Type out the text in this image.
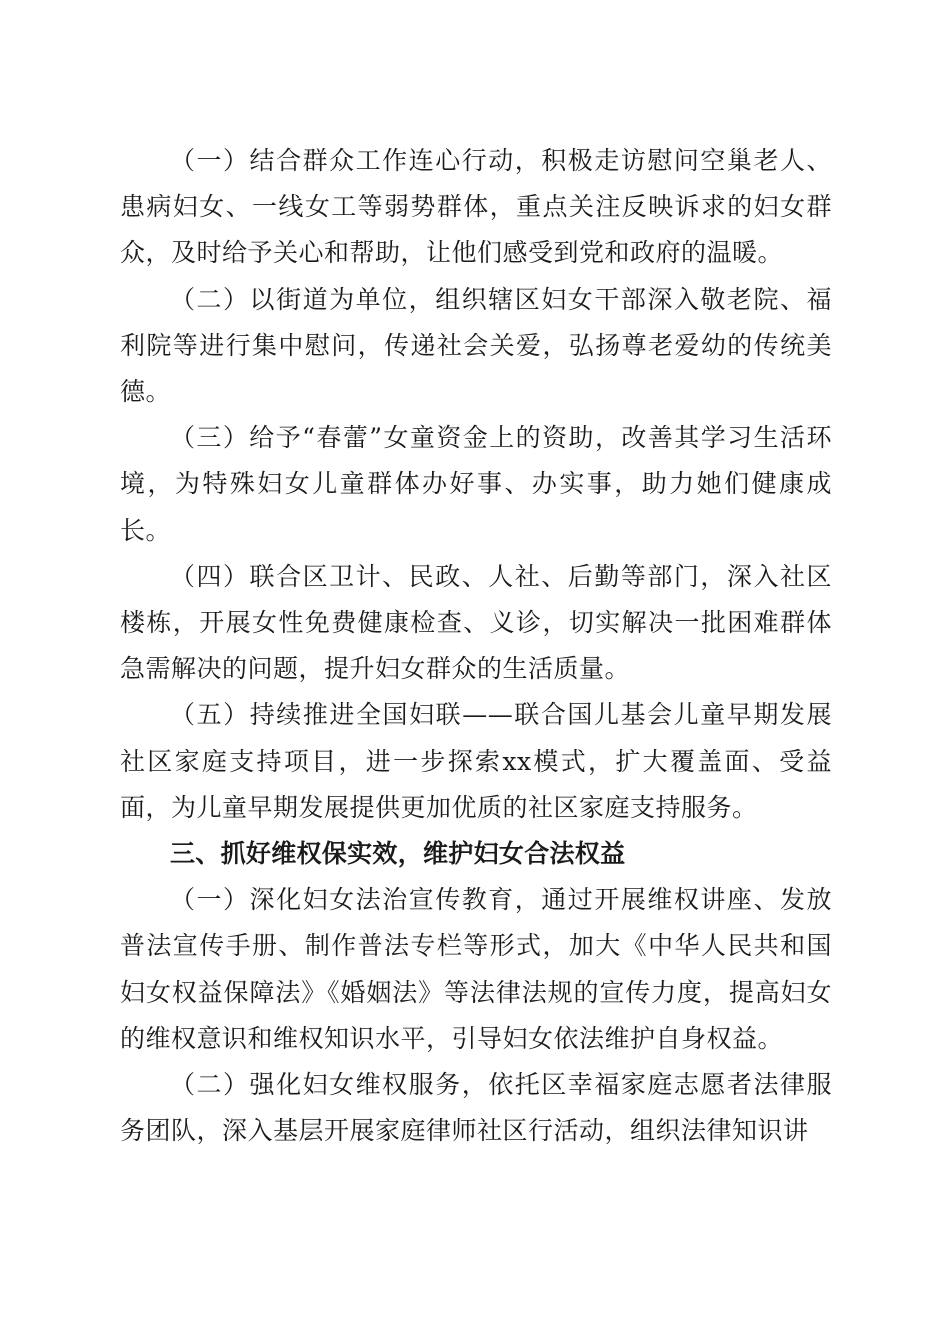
（一）结合群众工作连心行动，积极走访慰问空巢老人、患病妇女、一线女工等弱势群体，重点关注反映诉求的妇女群众，及时给予关心和帮助，让他们感受到党和政府的温暖。

（二）以街道为单位，组织辖区妇女干部深入敬老院、福利院等进行集中慰问，传递社会关爱，弘扬尊老爱幼的传统美德。

（三）给予“春蕾”女童资金上的资助，改善其学习生活环境，为特殊妇女儿童群体办好事、办实事，助力她们健康成长。

（四）联合区卫计、民政、人社、后勤等部门，深入社区楼栋，开展女性免费健康检查、义诊，切实解决一批困难群体急需解决的问题，提升妇女群众的生活质量。

（五）持续推进全国妇联——联合国儿基会儿童早期发展社区家庭支持项目，进一步探索xx模式，扩大覆盖面、受益面，为儿童早期发展提供更加优质的社区家庭支持服务。

三、抓好维权保实效，维护妇女合法权益

（一）深化妇女法治宣传教育，通过开展维权讲座、发放普法宣传手册、制作普法专栏等形式，加大《中华人民共和国妇女权益保障法》《婚姻法》等法律法规的宣传力度，提高妇女的维权意识和维权知识水平，引导妇女依法维护自身权益。

（二）强化妇女维权服务，依托区幸福家庭志愿者法律服务团队，深入基层开展家庭律师社区行活动，组织法律知识讲
